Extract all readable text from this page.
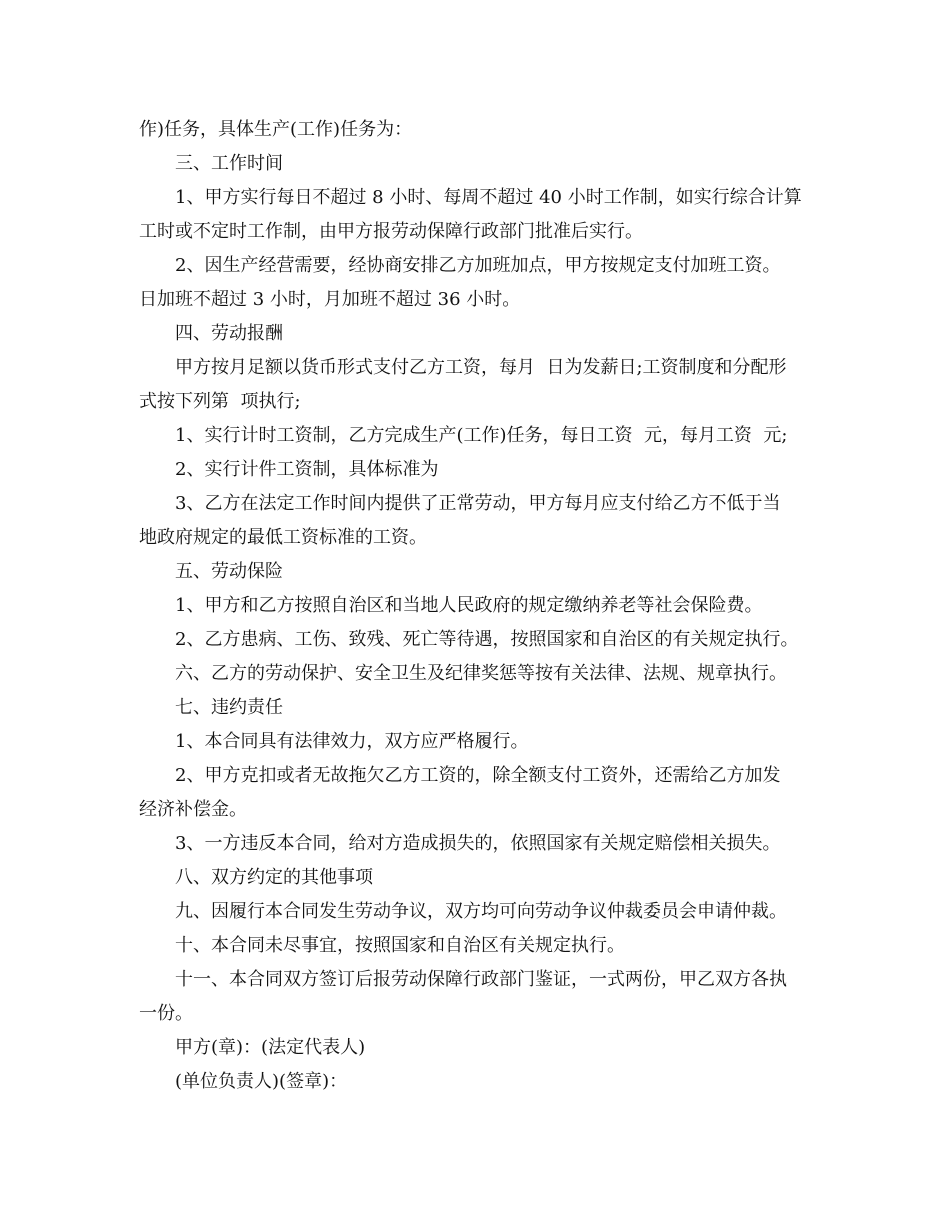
作)任务，具体生产(工作)任务为：

三、工作时间

1、甲方实行每日不超过 8 小时、每周不超过 40 小时工作制，如实行综合计算

工时或不定时工作制，由甲方报劳动保障行政部门批准后实行。

2、因生产经营需要，经协商安排乙方加班加点，甲方按规定支付加班工资。

日加班不超过 3 小时，月加班不超过 36 小时。

四、劳动报酬

甲方按月足额以货币形式支付乙方工资，每月  日为发薪日;工资制度和分配形

式按下列第  项执行;

1、实行计时工资制，乙方完成生产(工作)任务，每日工资  元，每月工资  元;

2、实行计件工资制，具体标准为

3、乙方在法定工作时间内提供了正常劳动，甲方每月应支付给乙方不低于当

地政府规定的最低工资标准的工资。

五、劳动保险

1、甲方和乙方按照自治区和当地人民政府的规定缴纳养老等社会保险费。

2、乙方患病、工伤、致残、死亡等待遇，按照国家和自治区的有关规定执行。

六、乙方的劳动保护、安全卫生及纪律奖惩等按有关法律、法规、规章执行。

七、违约责任

1、本合同具有法律效力，双方应严格履行。

2、甲方克扣或者无故拖欠乙方工资的，除全额支付工资外，还需给乙方加发

经济补偿金。

3、一方违反本合同，给对方造成损失的，依照国家有关规定赔偿相关损失。

八、双方约定的其他事项

九、因履行本合同发生劳动争议，双方均可向劳动争议仲裁委员会申请仲裁。

十、本合同未尽事宜，按照国家和自治区有关规定执行。

十一、本合同双方签订后报劳动保障行政部门鉴证，一式两份，甲乙双方各执

一份。

甲方(章)：(法定代表人)

(单位负责人)(签章)：
